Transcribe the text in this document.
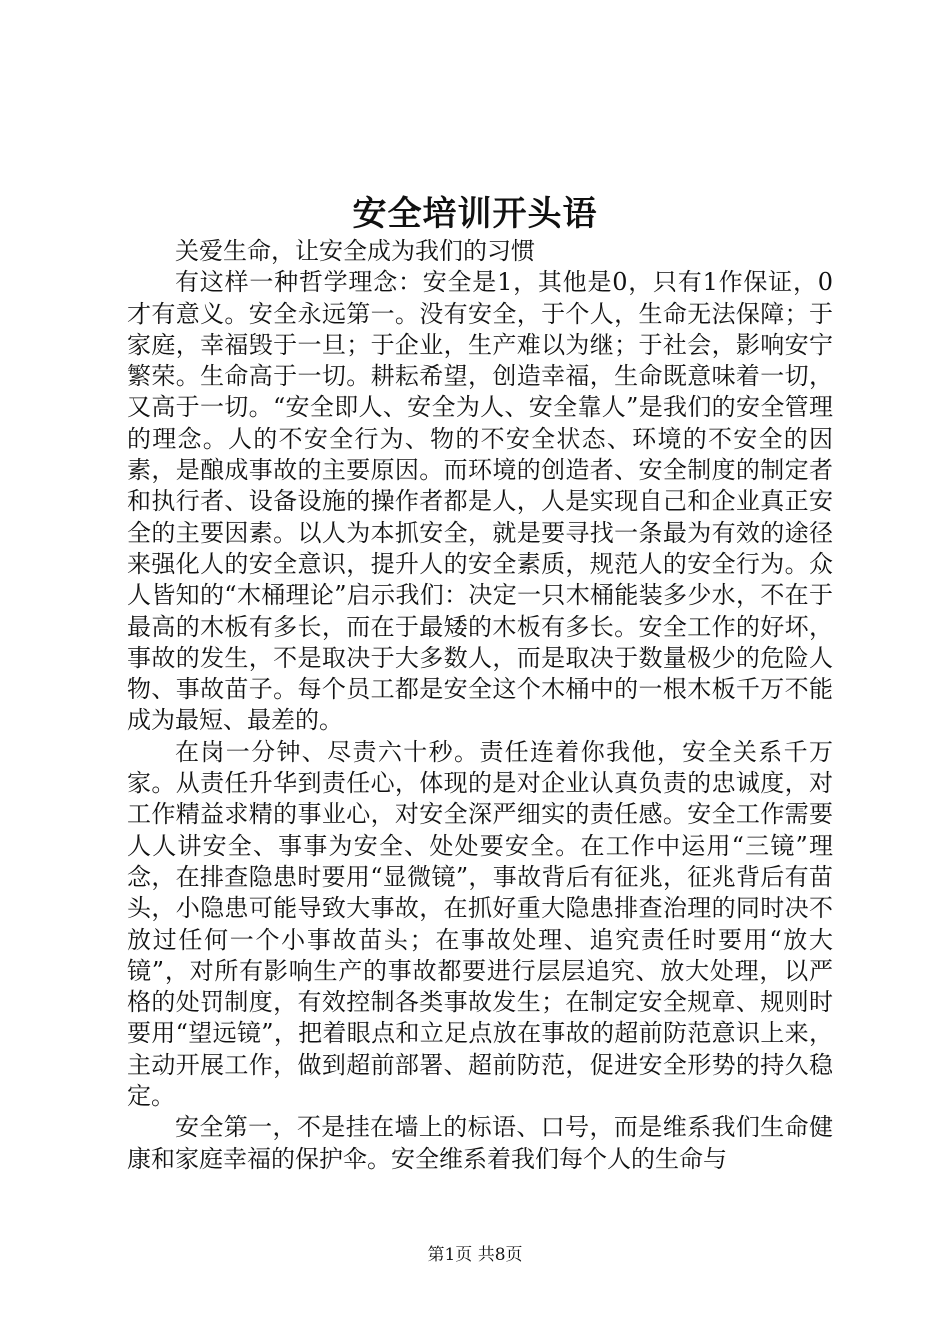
安全培训开头语

关爱生命，让安全成为我们的习惯

有这样一种哲学理念：安全是1，其他是0，只有1作保证，0才有意义。安全永远第一。没有安全，于个人，生命无法保障；于家庭，幸福毁于一旦；于企业，生产难以为继；于社会，影响安宁繁荣。生命高于一切。耕耘希望，创造幸福，生命既意味着一切，又高于一切。“安全即人、安全为人、安全靠人”是我们的安全管理的理念。人的不安全行为、物的不安全状态、环境的不安全的因素，是酿成事故的主要原因。而环境的创造者、安全制度的制定者和执行者、设备设施的操作者都是人，人是实现自己和企业真正安全的主要因素。以人为本抓安全，就是要寻找一条最为有效的途径来强化人的安全意识，提升人的安全素质，规范人的安全行为。众人皆知的“木桶理论”启示我们：决定一只木桶能装多少水，不在于最高的木板有多长，而在于最矮的木板有多长。安全工作的好坏，事故的发生，不是取决于大多数人，而是取决于数量极少的危险人物、事故苗子。每个员工都是安全这个木桶中的一根木板千万不能成为最短、最差的。

在岗一分钟、尽责六十秒。责任连着你我他，安全关系千万家。从责任升华到责任心，体现的是对企业认真负责的忠诚度，对工作精益求精的事业心，对安全深严细实的责任感。安全工作需要人人讲安全、事事为安全、处处要安全。在工作中运用“三镜”理念，在排查隐患时要用“显微镜”，事故背后有征兆，征兆背后有苗头，小隐患可能导致大事故，在抓好重大隐患排查治理的同时决不放过任何一个小事故苗头；在事故处理、追究责任时要用“放大镜”，对所有影响生产的事故都要进行层层追究、放大处理，以严格的处罚制度，有效控制各类事故发生；在制定安全规章、规则时要用“望远镜”，把着眼点和立足点放在事故的超前防范意识上来，主动开展工作，做到超前部署、超前防范，促进安全形势的持久稳定。

安全第一，不是挂在墙上的标语、口号，而是维系我们生命健康和家庭幸福的保护伞。安全维系着我们每个人的生命与

第1页 共8页
